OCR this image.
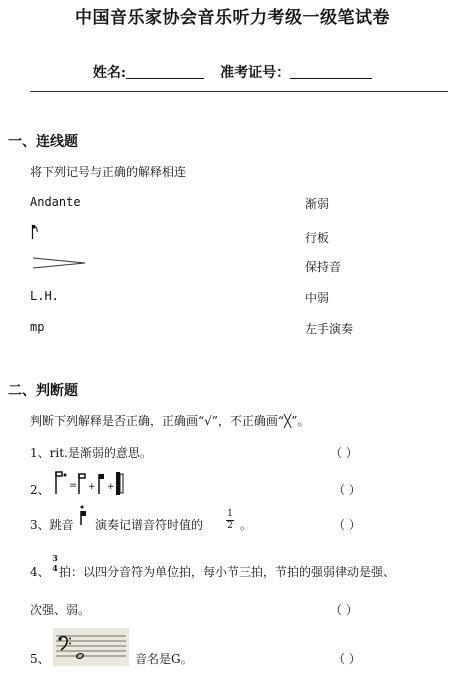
中国音乐家协会音乐听力考级一级笔试卷
姓名:	准考证号：
一、连线题
将下列记号与正确的解释相连
Andante
L.H.
mp
渐弱
行板
保持音
中弱
左手演奏
二、判断题
判断下列解释是否正确，正确画“√”，不正确画“╳”。
1、rit.是渐弱的意思。	（ ）
2、 = + +	（ ）
3、跳音 演奏记谱音符时值的
1
2 。	（ ）
4、
3
4 拍：以四分音符为单位拍，每小节三拍，节拍的强弱律动是强、
次强、弱。	（ ）
5、	音名是G。	（ ）
